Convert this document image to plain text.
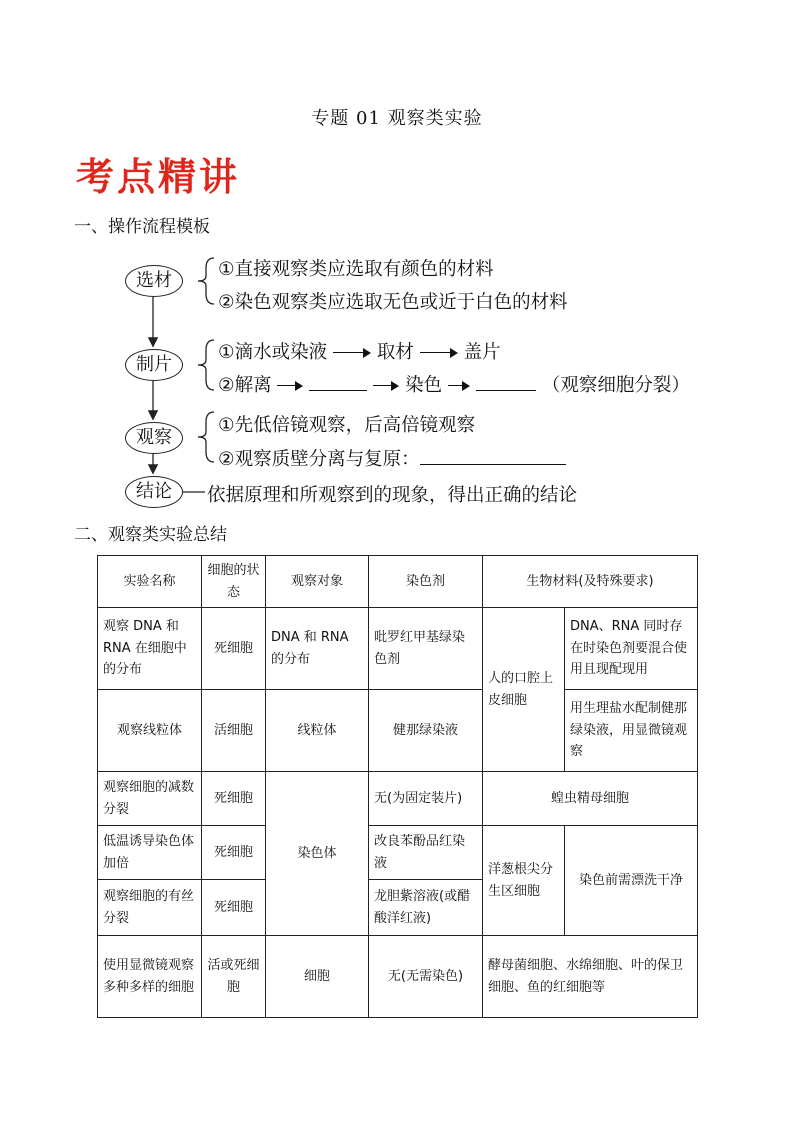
专题 01 观察类实验
考点精讲
一、操作流程模板
选材
制片
观察
结论
①直接观察类应选取有颜色的材料
②染色观察类应选取无色或近于白色的材料
①滴水或染液	取材	盖片
②解离	染色	（观察细胞分裂）
①先低倍镜观察，后高倍镜观察
②观察质壁分离与复原：
依据原理和所观察到的现象，得出正确的结论
二、观察类实验总结
实验名称	细胞的状态	观察对象	染色剂	生物材料(及特殊要求)	
观察 DNA 和 RNA 在细胞中的分布	死细胞	DNA 和 RNA 的分布	吡罗红甲基绿染色剂	人的口腔上皮细胞	DNA、RNA 同时存在时染色剂要混合使用且现配现用
观察线粒体	活细胞	线粒体	健那绿染液		用生理盐水配制健那绿染液，用显微镜观察
观察细胞的减数分裂	死细胞	染色体	无(为固定装片)	蝗虫精母细胞	
低温诱导染色体加倍	死细胞		改良苯酚品红染液	洋葱根尖分生区细胞	染色前需漂洗干净
观察细胞的有丝分裂	死细胞		龙胆紫溶液(或醋酸洋红液)		
使用显微镜观察多种多样的细胞	活或死细胞	细胞	无(无需染色)	酵母菌细胞、水绵细胞、叶的保卫细胞、鱼的红细胞等	
